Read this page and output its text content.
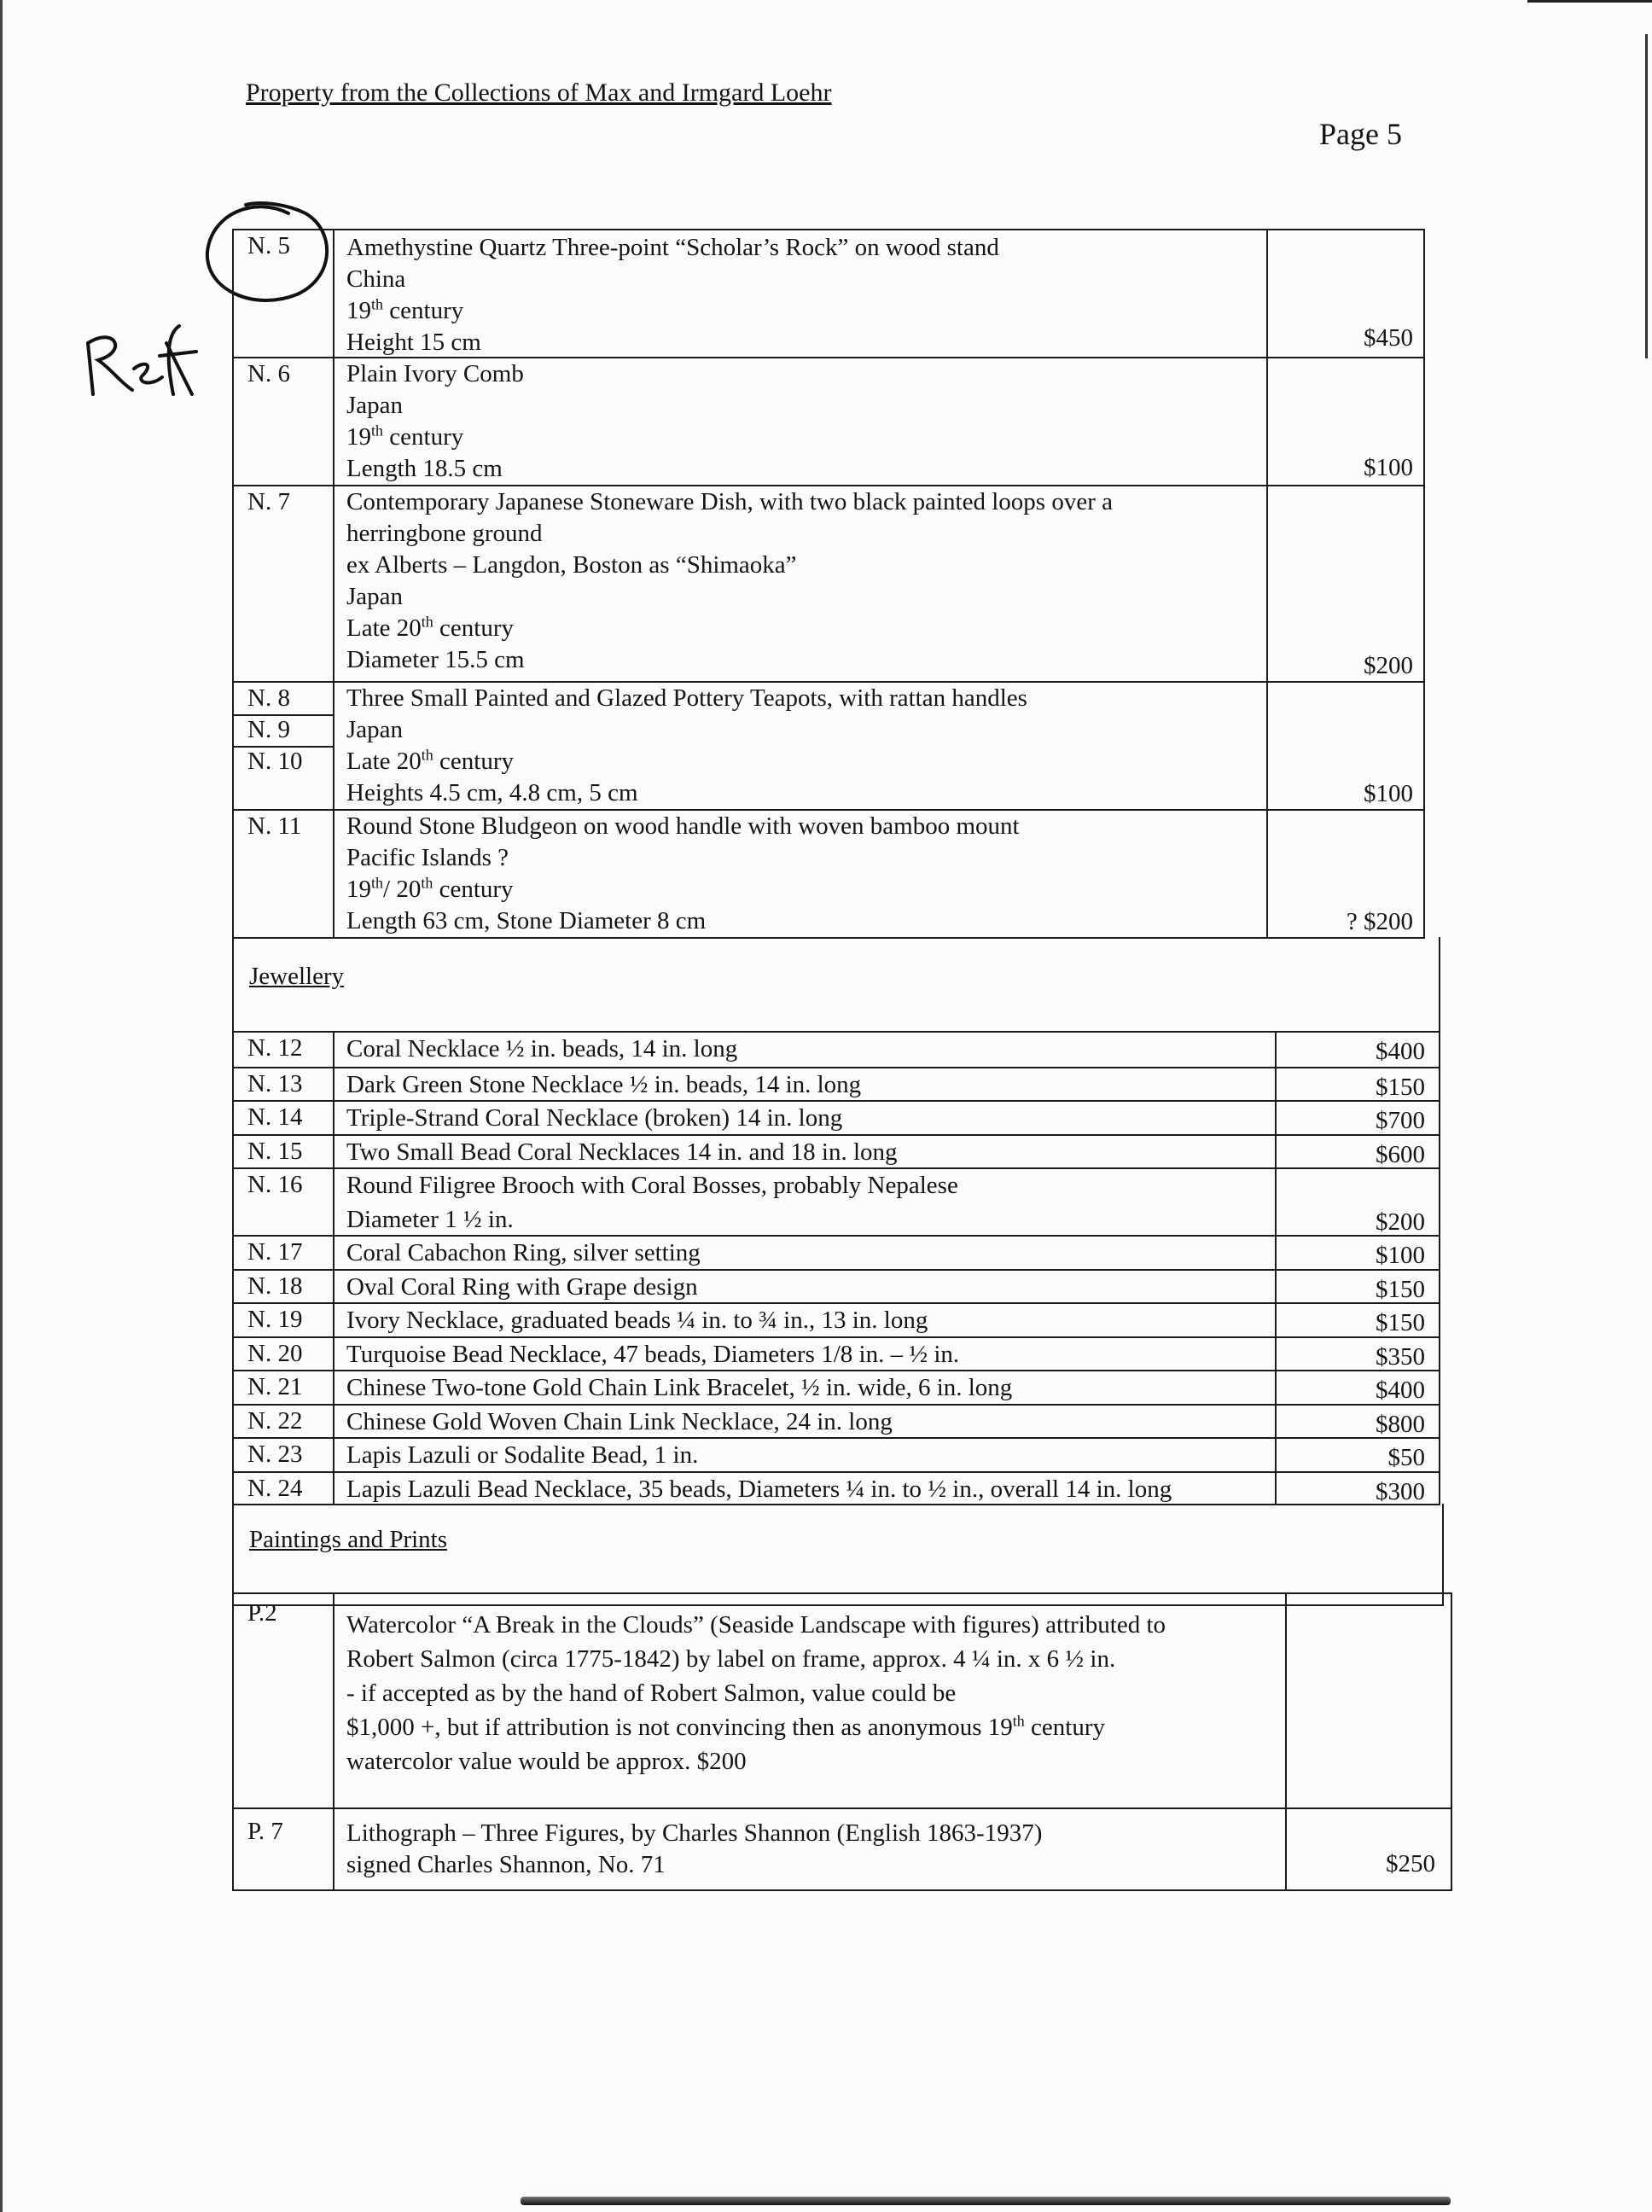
Property from the Collections of Max and Irmgard Loehr
Page 5
N. 5 Amethystine Quartz Three-point “Scholar’s Rock” on wood stand
China
19th century
Height 15 cm	$450
N. 6 Plain Ivory Comb
Japan
19th century
Length 18.5 cm	$100
N. 7 Contemporary Japanese Stoneware Dish, with two black painted loops over a
herringbone ground
ex Alberts – Langdon, Boston as “Shimaoka”
Japan
Late 20th century
Diameter 15.5 cm	$200
N. 8
N. 9
N. 10
Three Small Painted and Glazed Pottery Teapots, with rattan handles
Japan
Late 20th century
Heights 4.5 cm, 4.8 cm, 5 cm	$100
N. 11 Round Stone Bludgeon on wood handle with woven bamboo mount
Pacific Islands ?
19th/ 20th century
Length 63 cm, Stone Diameter 8 cm	? $200
Jewellery
N. 12 Coral Necklace ½ in. beads, 14 in. long	$400
N. 13 Dark Green Stone Necklace ½ in. beads, 14 in. long	$150
N. 14 Triple-Strand Coral Necklace (broken) 14 in. long	$700
N. 15 Two Small Bead Coral Necklaces 14 in. and 18 in. long	$600
N. 16 Round Filigree Brooch with Coral Bosses, probably Nepalese
Diameter 1 ½ in.	$200
N. 17 Coral Cabachon Ring, silver setting	$100
N. 18 Oval Coral Ring with Grape design	$150
N. 19 Ivory Necklace, graduated beads ¼ in. to ¾ in., 13 in. long	$150
N. 20 Turquoise Bead Necklace, 47 beads, Diameters 1/8 in. – ½ in.	$350
N. 21 Chinese Two-tone Gold Chain Link Bracelet, ½ in. wide, 6 in. long	$400
N. 22 Chinese Gold Woven Chain Link Necklace, 24 in. long	$800
N. 23 Lapis Lazuli or Sodalite Bead, 1 in.	$50
N. 24 Lapis Lazuli Bead Necklace, 35 beads, Diameters ¼ in. to ½ in., overall 14 in. long	$300
Paintings and Prints
P.2	Watercolor “A Break in the Clouds” (Seaside Landscape with figures) attributed to
Robert Salmon (circa 1775-1842) by label on frame, approx. 4 ¼ in. x 6 ½ in.
- if accepted as by the hand of Robert Salmon, value could be
$1,000 +, but if attribution is not convincing then as anonymous 19th century
watercolor value would be approx. $200
P. 7	Lithograph – Three Figures, by Charles Shannon (English 1863-1937)
signed Charles Shannon, No. 71	$250
